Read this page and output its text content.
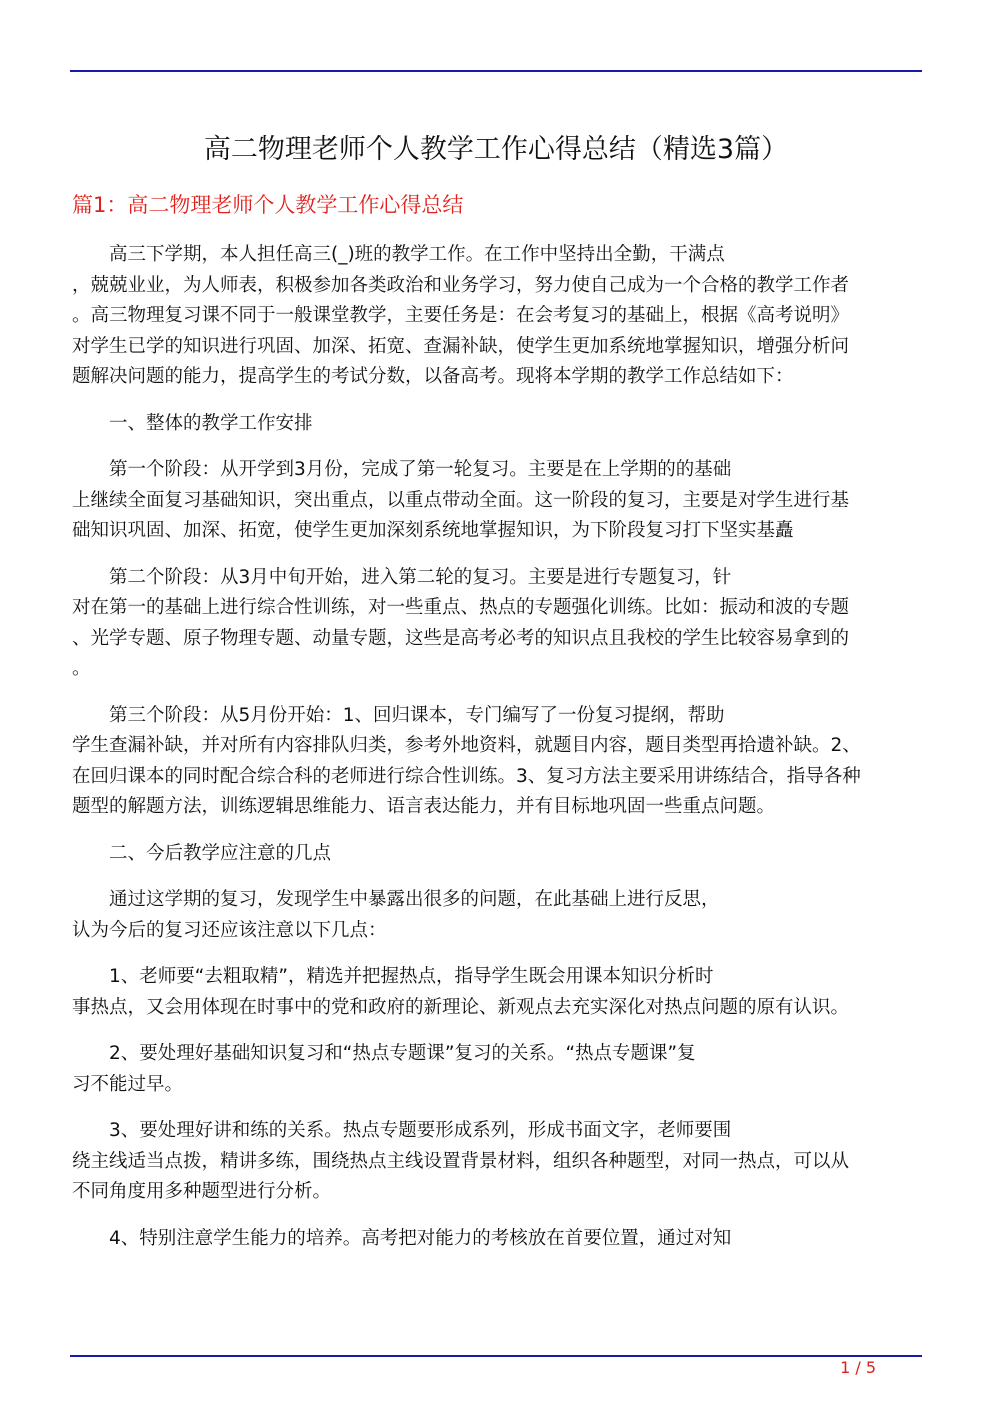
高二物理老师个人教学工作心得总结（精选3篇）
篇1：高二物理老师个人教学工作心得总结
高三下学期，本人担任高三(_)班的教学工作。在工作中坚持出全勤，干满点
，兢兢业业，为人师表，积极参加各类政治和业务学习，努力使自己成为一个合格的教学工作者
。高三物理复习课不同于一般课堂教学，主要任务是：在会考复习的基础上，根据《高考说明》
对学生已学的知识进行巩固、加深、拓宽、查漏补缺，使学生更加系统地掌握知识，增强分析问
题解决问题的能力，提高学生的考试分数，以备高考。现将本学期的教学工作总结如下：
一、整体的教学工作安排
第一个阶段：从开学到3月份，完成了第一轮复习。主要是在上学期的的基础
上继续全面复习基础知识，突出重点，以重点带动全面。这一阶段的复习，主要是对学生进行基
础知识巩固、加深、拓宽，使学生更加深刻系统地掌握知识，为下阶段复习打下坚实基矗
第二个阶段：从3月中旬开始，进入第二轮的复习。主要是进行专题复习，针
对在第一的基础上进行综合性训练，对一些重点、热点的专题强化训练。比如：振动和波的专题
、光学专题、原子物理专题、动量专题，这些是高考必考的知识点且我校的学生比较容易拿到的
。
第三个阶段：从5月份开始：1、回归课本，专门编写了一份复习提纲，帮助
学生查漏补缺，并对所有内容排队归类，参考外地资料，就题目内容，题目类型再拾遗补缺。2、
在回归课本的同时配合综合科的老师进行综合性训练。3、复习方法主要采用讲练结合，指导各种
题型的解题方法，训练逻辑思维能力、语言表达能力，并有目标地巩固一些重点问题。
二、今后教学应注意的几点
通过这学期的复习，发现学生中暴露出很多的问题，在此基础上进行反思，
认为今后的复习还应该注意以下几点：
1、老师要“去粗取精”，精选并把握热点，指导学生既会用课本知识分析时
事热点，又会用体现在时事中的党和政府的新理论、新观点去充实深化对热点问题的原有认识。
2、要处理好基础知识复习和“热点专题课”复习的关系。“热点专题课”复
习不能过早。
3、要处理好讲和练的关系。热点专题要形成系列，形成书面文字，老师要围
绕主线适当点拨，精讲多练，围绕热点主线设置背景材料，组织各种题型，对同一热点，可以从
不同角度用多种题型进行分析。
4、特别注意学生能力的培养。高考把对能力的考核放在首要位置，通过对知
1 / 5
